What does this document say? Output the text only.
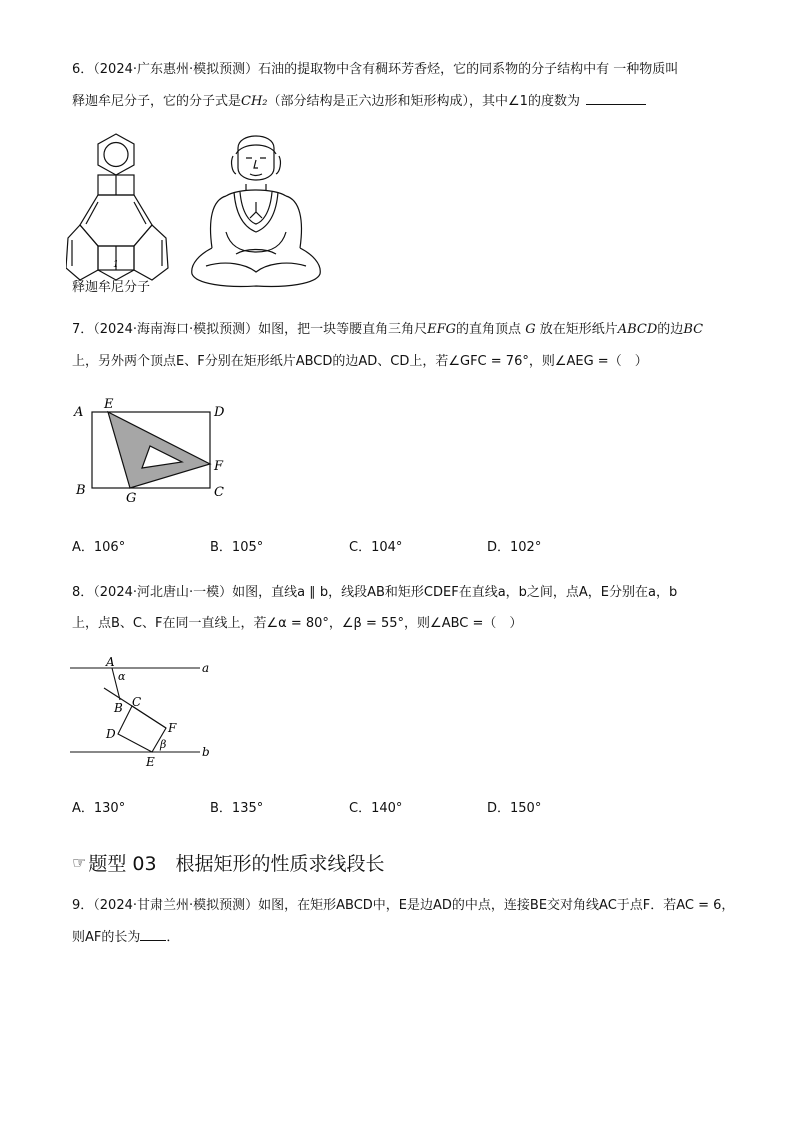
6．（2024·广东惠州·模拟预测）石油的提取物中含有稠环芳香烃，它的同系物的分子结构中有 一种物质叫
释迦牟尼分子，它的分子式是CH₂（部分结构是正六边形和矩形构成），其中∠1的度数为
1
释迦牟尼分子
7．（2024·海南海口·模拟预测）如图，把一块等腰直角三角尺EFG的直角顶点 G 放在矩形纸片ABCD的边BC
上，另外两个顶点E、F分别在矩形纸片ABCD的边AD、CD上，若∠GFC = 76°，则∠AEG =（　）
A
E
D
F
B
G	C
A．106°	B．105°	C．104°	D．102°
8．（2024·河北唐山·一模）如图，直线a ∥ b，线段AB和矩形CDEF在直线a，b之间，点A，E分别在a，b
上，点B、C、F在同一直线上，若∠α = 80°，∠β = 55°，则∠ABC =（　）
A	a
α
B C
D	F
β
E
b
A．130°	B．135°	C．140°	D．150°
☞ 题型 03　根据矩形的性质求线段长
9．（2024·甘肃兰州·模拟预测）如图，在矩形ABCD中，E是边AD的中点，连接BE交对角线AC于点F．若AC = 6，
则AF的长为 ．
